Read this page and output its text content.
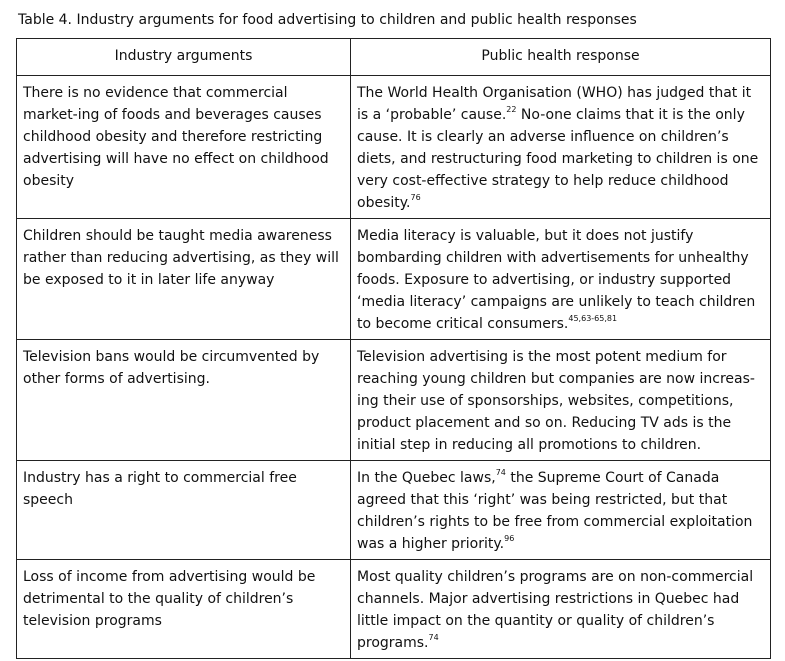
Table 4. Industry arguments for food advertising to children and public health responses
Industry arguments	Public health response
There is no evidence that commercial market-ing of foods and beverages causes childhood obesity and therefore restricting advertising will have no effect on childhood obesity	The World Health Organisation (WHO) has judged that it is a ‘probable’ cause.$^{22}$ No-one claims that it is the only cause. It is clearly an adverse influence on children’s diets, and restructuring food marketing to children is one very cost-effective strategy to help reduce childhood obesity.$^{76}$
Children should be taught media awareness rather than reducing advertising, as they will be exposed to it in later life anyway	Media literacy is valuable, but it does not justify bombarding children with advertisements for unhealthy foods. Exposure to advertising, or industry supported ‘media literacy’ campaigns are unlikely to teach children to become critical consumers.$^{45,63-65,81}$
Television bans would be circumvented by other forms of advertising.	Television advertising is the most potent medium for reaching young children but companies are now increas-ing their use of sponsorships, websites, competitions, product placement and so on. Reducing TV ads is the initial step in reducing all promotions to children.
Industry has a right to commercial free speech	In the Quebec laws,$^{74}$ the Supreme Court of Canada agreed that this ‘right’ was being restricted, but that children’s rights to be free from commercial exploitation was a higher priority.$^{96}$
Loss of income from advertising would be detrimental to the quality of children’s television programs	Most quality children’s programs are on non-commercial channels. Major advertising restrictions in Quebec had little impact on the quantity or quality of children’s programs.$^{74}$
